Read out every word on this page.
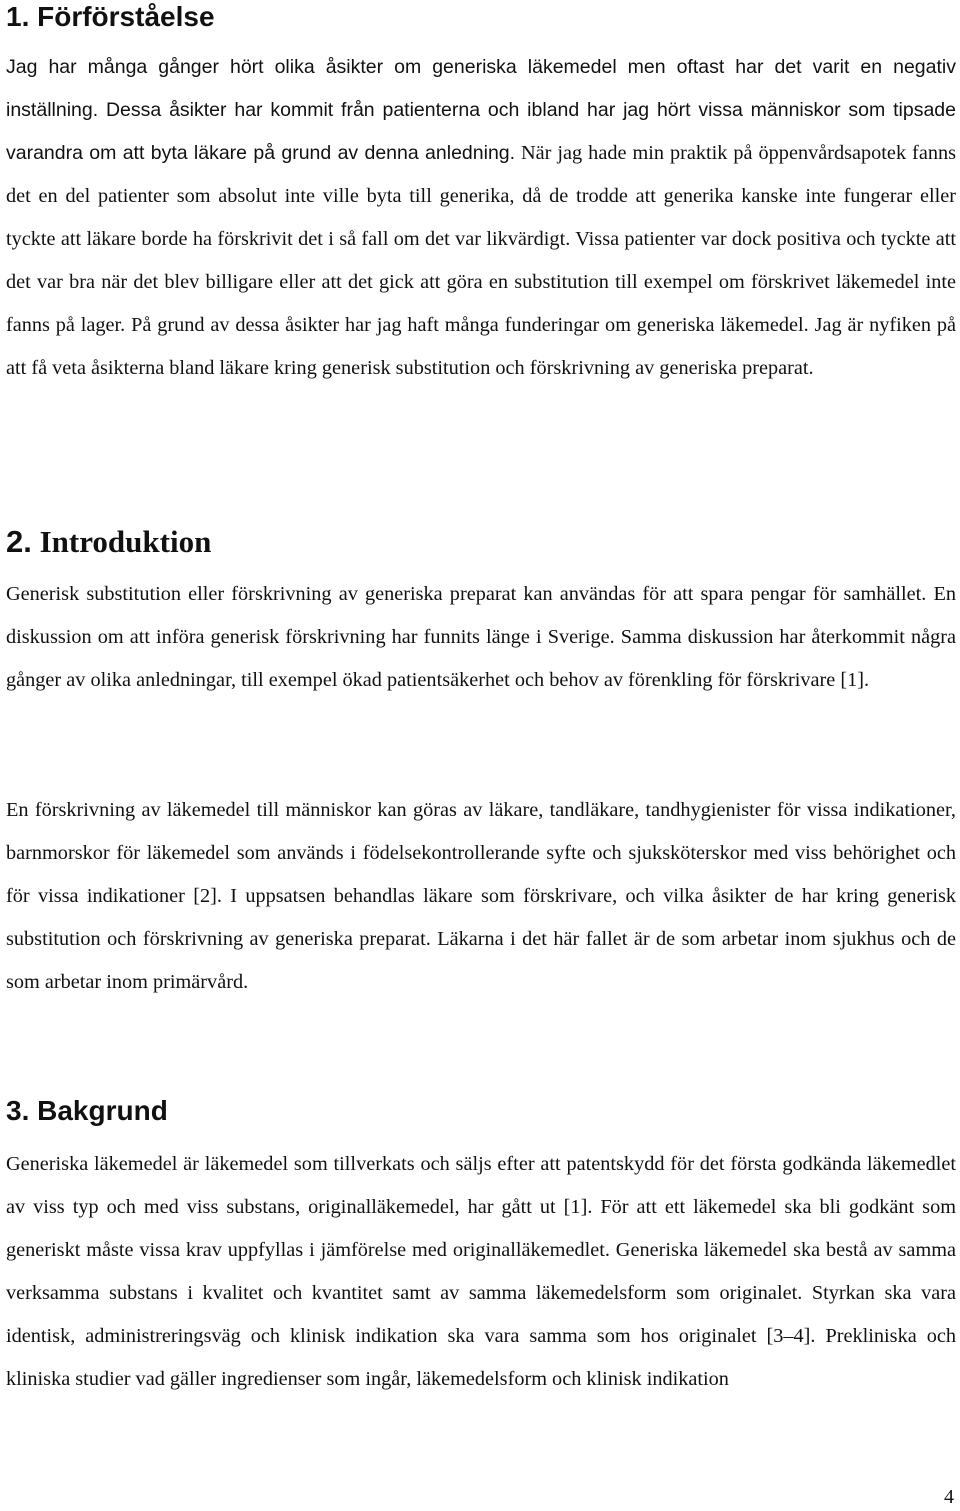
1. Förförståelse

Jag har många gånger hört olika åsikter om generiska läkemedel men oftast har det varit en negativ inställning. Dessa åsikter har kommit från patienterna och ibland har jag hört vissa människor som tipsade varandra om att byta läkare på grund av denna anledning. När jag hade min praktik på öppenvårdsapotek fanns det en del patienter som absolut inte ville byta till generika, då de trodde att generika kanske inte fungerar eller tyckte att läkare borde ha förskrivit det i så fall om det var likvärdigt. Vissa patienter var dock positiva och tyckte att det var bra när det blev billigare eller att det gick att göra en substitution till exempel om förskrivet läkemedel inte fanns på lager. På grund av dessa åsikter har jag haft många funderingar om generiska läkemedel. Jag är nyfiken på att få veta åsikterna bland läkare kring generisk substitution och förskrivning av generiska preparat.

2. Introduktion

Generisk substitution eller förskrivning av generiska preparat kan användas för att spara pengar för samhället. En diskussion om att införa generisk förskrivning har funnits länge i Sverige. Samma diskussion har återkommit några gånger av olika anledningar, till exempel ökad patientsäkerhet och behov av förenkling för förskrivare [1].

En förskrivning av läkemedel till människor kan göras av läkare, tandläkare, tandhygienister för vissa indikationer, barnmorskor för läkemedel som används i födelsekontrollerande syfte och sjuksköterskor med viss behörighet och för vissa indikationer [2]. I uppsatsen behandlas läkare som förskrivare, och vilka åsikter de har kring generisk substitution och förskrivning av generiska preparat. Läkarna i det här fallet är de som arbetar inom sjukhus och de som arbetar inom primärvård.

3. Bakgrund

Generiska läkemedel är läkemedel som tillverkats och säljs efter att patentskydd för det första godkända läkemedlet av viss typ och med viss substans, originalläkemedel, har gått ut [1]. För att ett läkemedel ska bli godkänt som generiskt måste vissa krav uppfyllas i jämförelse med originalläkemedlet. Generiska läkemedel ska bestå av samma verksamma substans i kvalitet och kvantitet samt av samma läkemedelsform som originalet. Styrkan ska vara identisk, administreringsväg och klinisk indikation ska vara samma som hos originalet [3–4]. Prekliniska och kliniska studier vad gäller ingredienser som ingår, läkemedelsform och klinisk indikation

4
